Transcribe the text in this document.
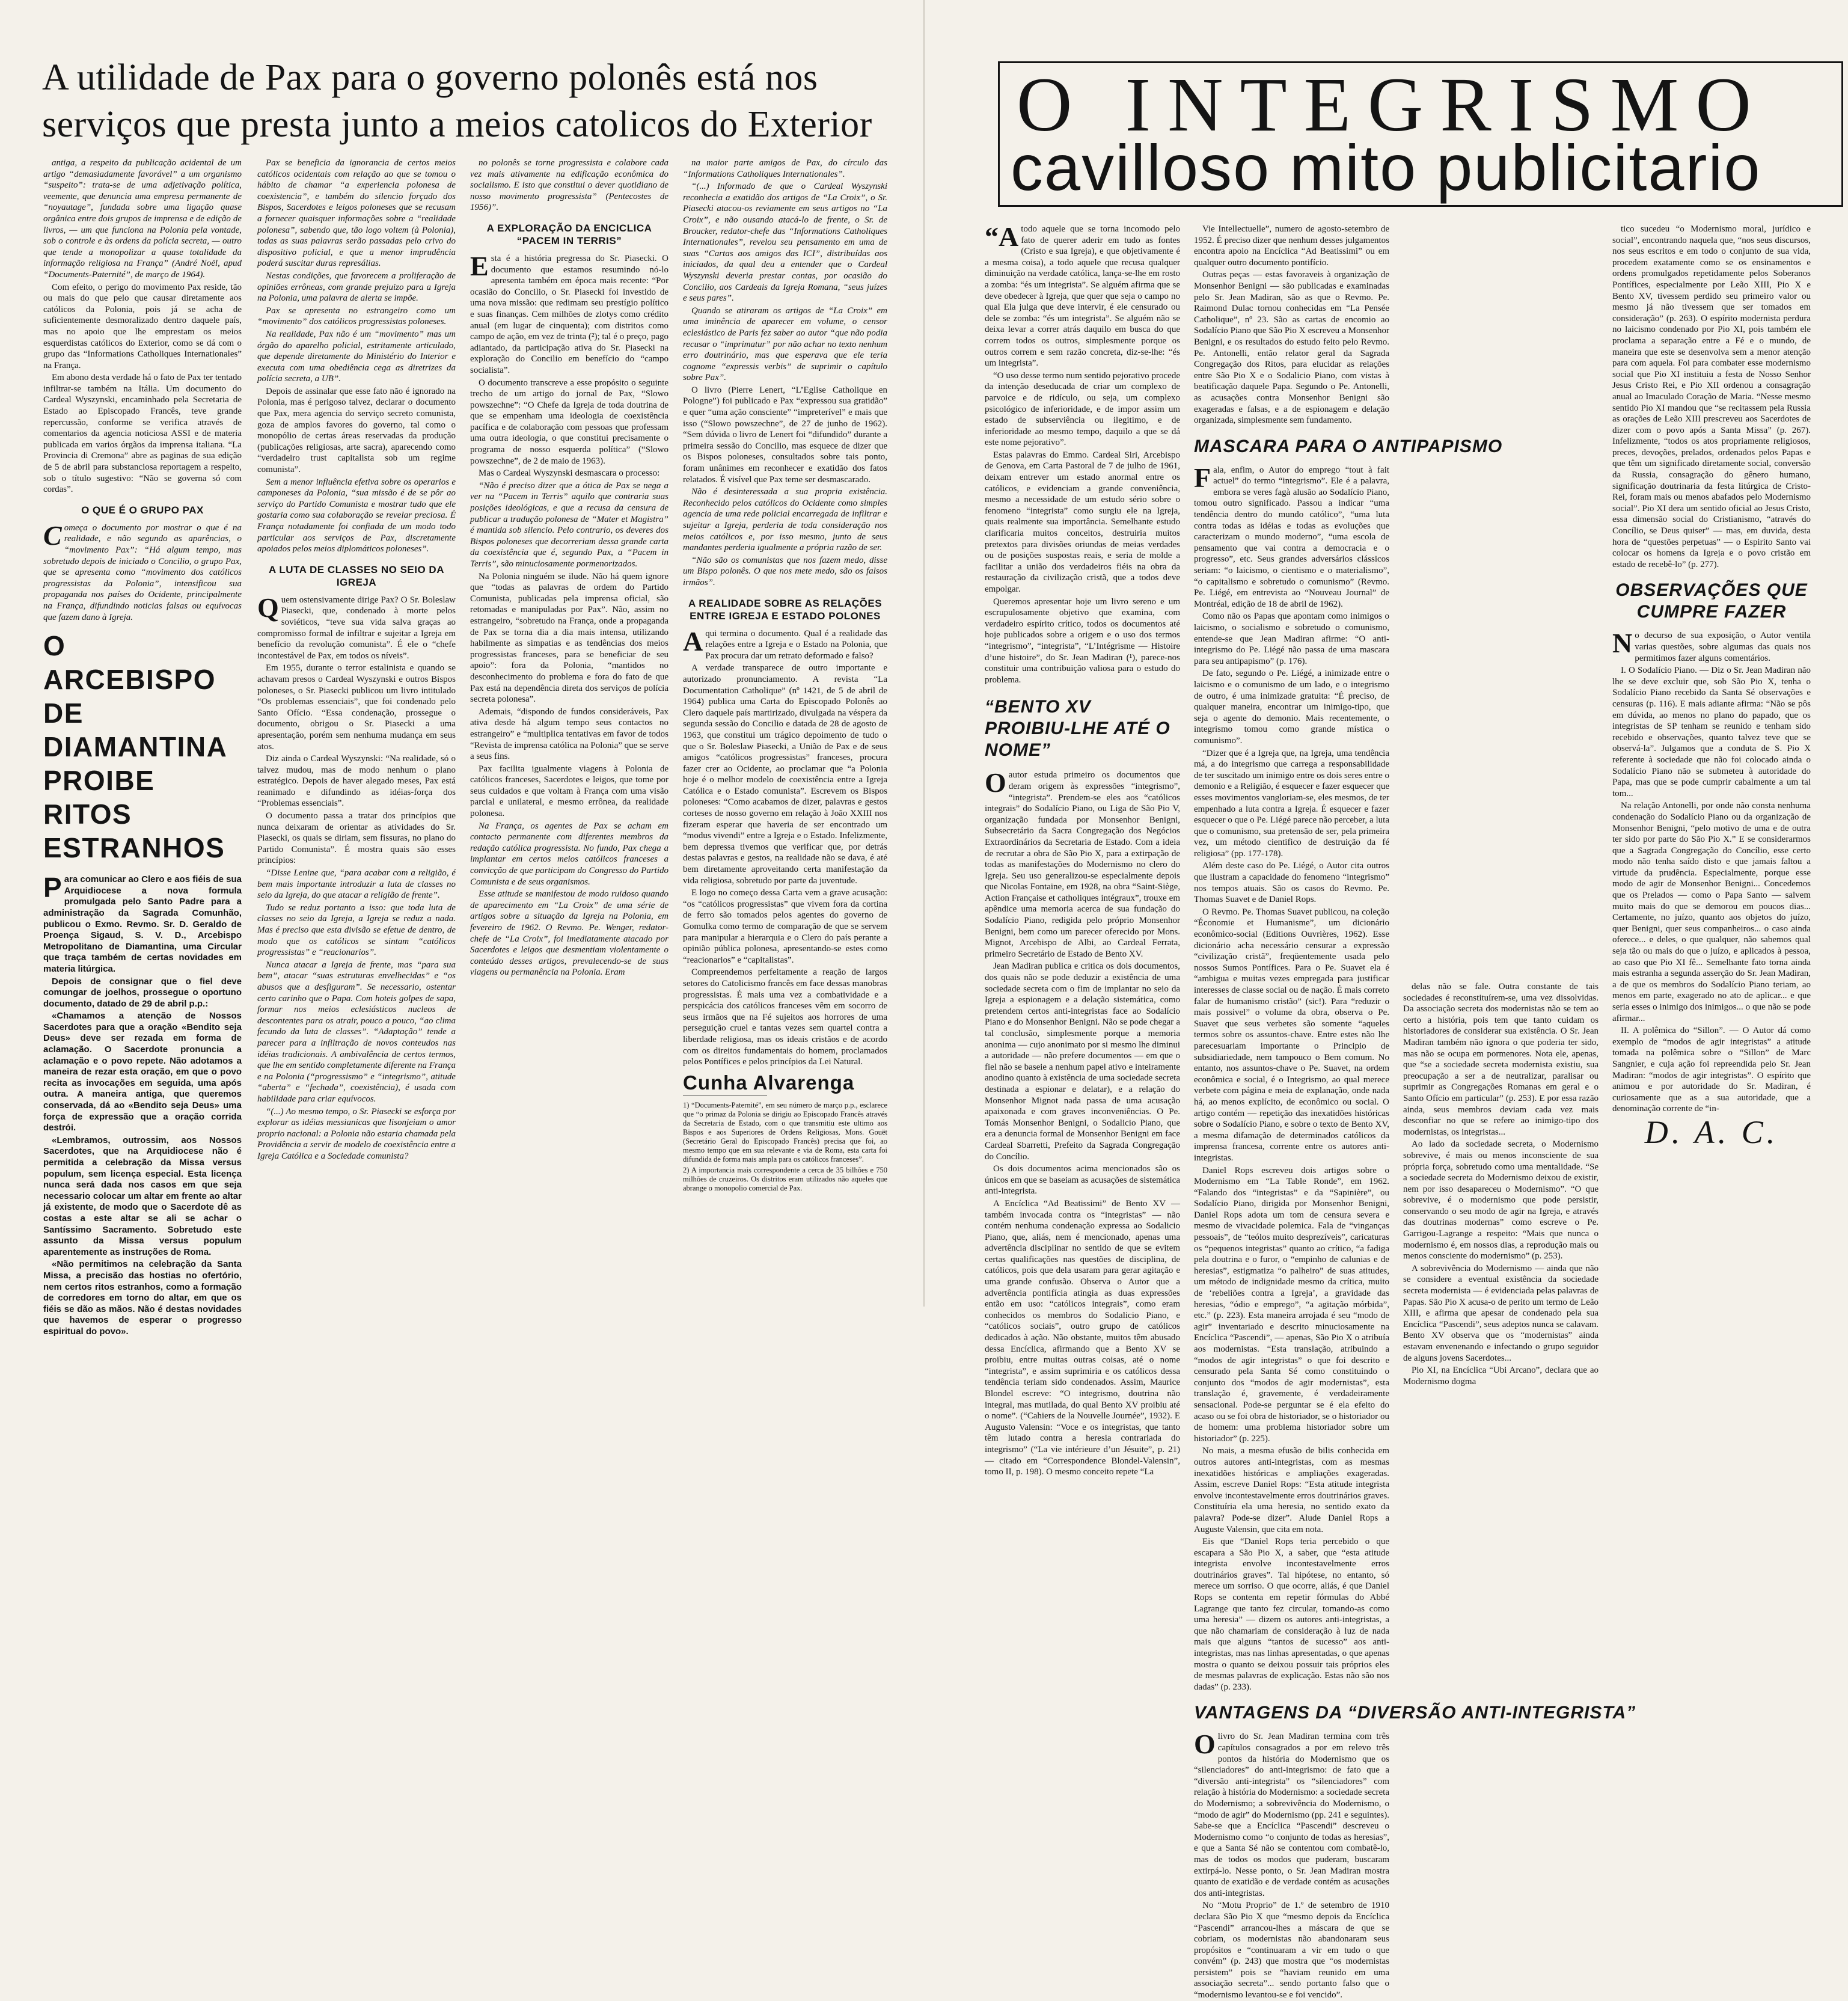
A utilidade de Pax para o governo polonês está nos
serviços que presta junto a meios catolicos do Exterior

antiga, a respeito da publicação acidental de um artigo “demasiadamente favorável” a um organismo “suspeito”: trata-se de uma adjetivação política, veemente, que denuncia uma empresa permanente de “noyautage”, fundada sobre uma ligação quase orgânica entre dois grupos de imprensa e de edição de livros, — um que funciona na Polonia pela vontade, sob o controle e às ordens da polícia secreta, — outro que tende a monopolizar a quase totalidade da informação religiosa na França” (André Noël, apud “Documents-Paternité”, de março de 1964).

Com efeito, o perigo do movimento Pax reside, tão ou mais do que pelo que causar diretamente aos católicos da Polonia, pois já se acha de suficientemente desmoralizado dentro daquele país, mas no apoio que lhe emprestam os meios esquerdistas católicos do Exterior, como se dá com o grupo das “Informations Catholiques Internationales” na França.

Em abono desta verdade há o fato de Pax ter tentado infiltrar-se também na Itália. Um documento do Cardeal Wyszynski, encaminhado pela Secretaria de Estado ao Episcopado Francês, teve grande repercussão, conforme se verifica através de comentarios da agencia noticiosa ASSI e de materia publicada em varios órgãos da imprensa italiana. “La Provincia di Cremona” abre as paginas de sua edição de 5 de abril para substanciosa reportagem a respeito, sob o título sugestivo: “Não se governa só com cordas”.

O QUE É O GRUPO PAX

Começa o documento por mostrar o que é na realidade, e não segundo as aparências, o “movimento Pax”: “Há algum tempo, mas sobretudo depois de iniciado o Concilio, o grupo Pax, que se apresenta como “movimento dos católicos progressistas da Polonia”, intensificou sua propaganda nos países do Ocidente, principalmente na França, difundindo noticias falsas ou equívocas que fazem dano à Igreja.

O ARCEBISPO DE
DIAMANTINA
PROIBE
RITOS ESTRANHOS

Para comunicar ao Clero e aos fiéis de sua Arquidiocese a nova formula promulgada pelo Santo Padre para a administração da Sagrada Comunhão, publicou o Exmo. Revmo. Sr. D. Geraldo de Proença Sigaud, S. V. D., Arcebispo Metropolitano de Diamantina, uma Circular que traça também de certas novidades em materia litúrgica.

Depois de consignar que o fiel deve comungar de joelhos, prossegue o oportuno documento, datado de 29 de abril p.p.:

«Chamamos a atenção de Nossos Sacerdotes para que a oração «Bendito seja Deus» deve ser rezada em forma de aclamação. O Sacerdote pronuncia a aclamação e o povo repete. Não adotamos a maneira de rezar esta oração, em que o povo recita as invocações em seguida, uma após outra. A maneira antiga, que queremos conservada, dá ao «Bendito seja Deus» uma força de expressão que a oração corrida destrói.

«Lembramos, outrossim, aos Nossos Sacerdotes, que na Arquidiocese não é permitida a celebração da Missa versus populum, sem licença especial. Esta licença nunca será dada nos casos em que seja necessario colocar um altar em frente ao altar já existente, de modo que o Sacerdote dê as costas a este altar se ali se achar o Santíssimo Sacramento. Sobretudo este assunto da Missa versus populum aparentemente as instruções de Roma.

«Não permitimos na celebração da Santa Missa, a precisão das hostias no ofertório, nem certos ritos estranhos, como a formação de corredores em torno do altar, em que os fiéis se dão as mãos. Não é destas novidades que havemos de esperar o progresso espiritual do povo».

Pax se beneficia da ignorancia de certos meios católicos ocidentais com relação ao que se tomou o hábito de chamar “a experiencia polonesa de coexistencia”, e também do silencio forçado dos Bispos, Sacerdotes e leigos poloneses que se recusam a fornecer quaisquer informações sobre a “realidade polonesa”, sabendo que, tão logo voltem (à Polonia), todas as suas palavras serão passadas pelo crivo do dispositivo policial, e que a menor imprudência poderá suscitar duras represálias.

Nestas condições, que favorecem a proliferação de opiniões errôneas, com grande prejuizo para a Igreja na Polonia, uma palavra de alerta se impõe.

Pax se apresenta no estrangeiro como um “movimento” dos católicos progressistas poloneses.

Na realidade, Pax não é um “movimento” mas um órgão do aparelho policial, estritamente articulado, que depende diretamente do Ministério do Interior e executa com uma obediência cega as diretrizes da polícia secreta, a UB”.

Depois de assinalar que esse fato não é ignorado na Polonia, mas é perigoso talvez, declarar o documento que Pax, mera agencia do serviço secreto comunista, goza de amplos favores do governo, tal como o monopólio de certas áreas reservadas da produção (publicações religiosas, arte sacra), aparecendo como “verdadeiro trust capitalista sob um regime comunista”.

Sem a menor influência efetiva sobre os operarios e camponeses da Polonia, “sua missão é de se pôr ao serviço do Partido Comunista e mostrar tudo que ele gostaria como sua colaboração se revelar preciosa. É França notadamente foi confiada de um modo todo particular aos serviços de Pax, discretamente apoiados pelos meios diplomáticos poloneses”.

A LUTA DE CLASSES NO SEIO DA IGREJA

Quem ostensivamente dirige Pax? O Sr. Boleslaw Piasecki, que, condenado à morte pelos soviéticos, “teve sua vida salva graças ao compromisso formal de infiltrar e sujeitar a Igreja em benefício da revolução comunista”. É ele o “chefe incontestável de Pax, em todos os níveis”.

Em 1955, durante o terror estalinista e quando se achavam presos o Cardeal Wyszynski e outros Bispos poloneses, o Sr. Piasecki publicou um livro intitulado “Os problemas essenciais”, que foi condenado pelo Santo Ofício. “Essa condenação, prossegue o documento, obrigou o Sr. Piasecki a uma apresentação, porém sem nenhuma mudança em seus atos.

Diz ainda o Cardeal Wyszynski: “Na realidade, só o talvez mudou, mas de modo nenhum o plano estratégico. Depois de haver alegado meses, Pax está reanimado e difundindo as idéias-força dos “Problemas essenciais”.

O documento passa a tratar dos princípios que nunca deixaram de orientar as atividades do Sr. Piasecki, os quais se diriam, sem fissuras, no plano do Partido Comunista”. É mostra quais são esses princípios:

“Disse Lenine que, “para acabar com a religião, é bem mais importante introduzir a luta de classes no seio da Igreja, do que atacar a religião de frente”.

Tudo se reduz portanto a isso: que toda luta de classes no seio da Igreja, a Igreja se reduz a nada. Mas é preciso que esta divisão se efetue de dentro, de modo que os católicos se sintam “católicos progressistas” e “reacionarios”.

Nunca atacar a Igreja de frente, mas “para sua bem”, atacar “suas estruturas envelhecidas” e “os abusos que a desfiguram”. Se necessario, ostentar certo carinho que o Papa. Com hoteis golpes de sapa, formar nos meios eclesiásticos nucleos de descontentes para os atrair, pouco a pouco, “ao clima fecundo da luta de classes”. “Adaptação” tende a parecer para a infiltração de novos conteudos nas idéias tradicionais. A ambivalência de certos termos, que lhe em sentido completamente diferente na França e na Polonia (“progressismo” e “integrismo”, atitude “aberta” e “fechada”, coexistência), é usada com habilidade para criar equívocos.

“(...) Ao mesmo tempo, o Sr. Piasecki se esforça por explorar as idéias messianicas que lisonjeiam o amor proprio nacional: a Polonia não estaria chamada pela Providência a servir de modelo de coexistência entre a Igreja Católica e a Sociedade comunista?

no polonês se torne progressista e colabore cada vez mais ativamente na edificação econômica do socialismo. E isto que constitui o dever quotidiano de nosso movimento progressista” (Pentecostes de 1956)”.

A EXPLORAÇÃO DA ENCICLICA “PACEM IN TERRIS”

Esta é a história pregressa do Sr. Piasecki. O documento que estamos resumindo nó-lo apresenta também em época mais recente: “Por ocasião do Concilio, o Sr. Piasecki foi investido de uma nova missão: que redimam seu prestígio político e suas finanças. Cem milhões de zlotys como crédito anual (em lugar de cinquenta); com distritos como campo de ação, em vez de trinta (²); tal é o preço, pago adiantado, da participação ativa do Sr. Piasecki na exploração do Concilio em benefício do “campo socialista”.

O documento transcreve a esse propósito o seguinte trecho de um artigo do jornal de Pax, “Slowo powszechne”: “O Chefe da Igreja de toda doutrina de que se empenham uma ideologia de coexistência pacífica e de colaboração com pessoas que professam uma outra ideologia, o que constitui precisamente o programa de nosso esquerda política” (“Slowo powszechne”, de 2 de maio de 1963).

Mas o Cardeal Wyszynski desmascara o processo:

“Não é preciso dizer que a ótica de Pax se nega a ver na “Pacem in Terris” aquilo que contraria suas posições ideológicas, e que a recusa da censura de publicar a tradução polonesa de “Mater et Magistra” é mantida sob silencio. Pelo contrario, os deveres dos Bispos poloneses que decorreriam dessa grande carta da coexistência que é, segundo Pax, a “Pacem in Terris”, são minuciosamente pormenorizados.

Na Polonia ninguém se ilude. Não há quem ignore que “todas as palavras de ordem do Partido Comunista, publicadas pela imprensa oficial, são retomadas e manipuladas por Pax”. Não, assim no estrangeiro, “sobretudo na França, onde a propaganda de Pax se torna dia a dia mais intensa, utilizando habilmente as simpatias e as tendências dos meios progressistas franceses, para se beneficiar de seu apoio”: fora da Polonia, “mantidos no desconhecimento do problema e fora do fato de que Pax está na dependência direta dos serviços de polícia secreta polonesa”.

Ademais, “dispondo de fundos consideráveis, Pax ativa desde há algum tempo seus contactos no estrangeiro” e “multiplica tentativas em favor de todos “Revista de imprensa católica na Polonia” que se serve a seus fins.

Pax facilita igualmente viagens à Polonia de católicos franceses, Sacerdotes e leigos, que tome por seus cuidados e que voltam à França com uma visão parcial e unilateral, e mesmo errônea, da realidade polonesa.

Na França, os agentes de Pax se acham em contacto permanente com diferentes membros da redação católica progressista. No fundo, Pax chega a implantar em certos meios católicos franceses a convicção de que participam do Congresso do Partido Comunista e de seus organismos.

Esse atitude se manifestou de modo ruidoso quando de aparecimento em “La Croix” de uma série de artigos sobre a situação da Igreja na Polonia, em fevereiro de 1962. O Revmo. Pe. Wenger, redator-chefe de “La Croix”, foi imediatamente atacado por Sacerdotes e leigos que desmentiam violentamente o conteúdo desses artigos, prevalecendo-se de suas viagens ou permanência na Polonia. Eram

na maior parte amigos de Pax, do círculo das “Informations Catholiques Internationales”.

“(...) Informado de que o Cardeal Wyszynski reconhecia a exatidão dos artigos de “La Croix”, o Sr. Piasecki atacou-os reviamente em seus artigos no “La Croix”, e não ousando atacá-lo de frente, o Sr. de Broucker, redator-chefe das “Informations Catholiques Internationales”, revelou seu pensamento em uma de suas “Cartas aos amigos das ICI”, distribuídas aos iniciados, da qual deu a entender que o Cardeal Wyszynski deveria prestar contas, por ocasião do Concilio, aos Cardeais da Igreja Romana, “seus juízes e seus pares”.

Quando se atiraram os artigos de “La Croix” em uma iminência de aparecer em volume, o censor eclesiástico de Paris fez saber ao autor “que não podia recusar o “imprimatur” por não achar no texto nenhum erro doutrinário, mas que esperava que ele teria cognome “expressis verbis” de suprimir o capítulo sobre Pax”.

O livro (Pierre Lenert, “L’Eglise Catholique en Pologne”) foi publicado e Pax “expressou sua gratidão” e quer “uma ação consciente” “impreterível” e mais que isso (“Slowo powszechne”, de 27 de junho de 1962). “Sem dúvida o livro de Lenert foi “difundido” durante a primeira sessão do Concilio, mas esquece de dizer que os Bispos poloneses, consultados sobre tais ponto, foram unânimes em reconhecer e exatidão dos fatos relatados. É visível que Pax teme ser desmascarado.

Não é desinteressada a sua propria existência. Reconhecido pelos católicos do Ocidente como simples agencia de uma rede policial encarregada de infiltrar e sujeitar a Igreja, perderia de toda consideração nos meios católicos e, por isso mesmo, junto de seus mandantes perderia igualmente a própria razão de ser.

“Não são os comunistas que nos fazem medo, disse um Bispo polonês. O que nos mete medo, são os falsos irmãos”.

A REALIDADE SOBRE AS RELAÇÕES ENTRE IGREJA E ESTADO POLONES

Aqui termina o documento. Qual é a realidade das relações entre a Igreja e o Estado na Polonia, que Pax procura dar um retrato deformado e falso?

A verdade transparece de outro importante e autorizado pronunciamento. A revista “La Documentation Catholique” (nº 1421, de 5 de abril de 1964) publica uma Carta do Episcopado Polonês ao Clero daquele país martirizado, divulgada na véspera da segunda sessão do Concilio e datada de 28 de agosto de 1963, que constitui um trágico depoimento de tudo o que o Sr. Boleslaw Piasecki, a União de Pax e de seus amigos “católicos progressistas” franceses, procura fazer crer ao Ocidente, ao proclamar que “a Polonia hoje é o melhor modelo de coexistência entre a Igreja Católica e o Estado comunista”. Escrevem os Bispos poloneses: “Como acabamos de dizer, palavras e gestos corteses de nosso governo em relação à João XXIII nos fizeram esperar que haveria de ser encontrado um “modus vivendi” entre a Igreja e o Estado. Infelizmente, bem depressa tivemos que verificar que, por detrás destas palavras e gestos, na realidade não se dava, é até bem diretamente aproveitando certa manifestação da vida religiosa, sobretudo por parte da juventude.

E logo no começo dessa Carta vem a grave acusação: “os “católicos progressistas” que vivem fora da cortina de ferro são tomados pelos agentes do governo de Gomulka como termo de comparação de que se servem para manipular a hierarquia e o Clero do país perante a opinião pública polonesa, apresentando-se estes como “reacionarios” e “capitalistas”.

Compreendemos perfeitamente a reação de largos setores do Catolicismo francês em face dessas manobras progressistas. É mais uma vez a combatividade e a perspicácia dos católicos franceses vêm em socorro de seus irmãos que na Fé sujeitos aos horrores de uma perseguição cruel e tantas vezes sem quartel contra a liberdade religiosa, mas os ideais cristãos e de acordo com os direitos fundamentais do homem, proclamados pelos Pontífices e pelos princípios da Lei Natural.

Cunha Alvarenga

1) “Documents-Paternité”, em seu número de março p.p., esclarece que “o primaz da Polonia se dirigiu ao Episcopado Francês através da Secretaria de Estado, com o que transmitiu este ultimo aos Bispos e aos Superiores de Ordens Religiosas, Mons. Gouët (Secretário Geral do Episcopado Francês) precisa que foi, ao mesmo tempo que em sua relevante e via de Roma, esta carta foi difundida de forma mais ampla para os católicos franceses”.

2) A importancia mais correspondente a cerca de 35 bilhões e 750 milhões de cruzeiros. Os distritos eram utilizados não aqueles que abrange o monopolio comercial de Pax.

O INTEGRISMO
cavilloso mito publicitario

“Atodo aquele que se torna incomodo pelo fato de querer aderir em tudo as fontes (Cristo e sua Igreja), e que objetivamente é a mesma coisa), a todo aquele que recusa qualquer diminuição na verdade católica, lança-se-lhe em rosto a zomba: “és um integrista”. Se alguém afirma que se deve obedecer à Igreja, que quer que seja o campo no qual Ela julga que deve intervir, é ele censurado ou dele se zomba: “és um integrista”. Se alguém não se deixa levar a correr atrás daquilo em busca do que correm todos os outros, simplesmente porque os outros correm e sem razão concreta, diz-se-lhe: “és um integrista”.

“O uso desse termo num sentido pejorativo procede da intenção deseducada de criar um complexo de parvoice e de ridículo, ou seja, um complexo psicológico de inferioridade, e de impor assim um estado de subserviência ou ilegitimo, e de inferioridade ao mesmo tempo, daquilo a que se dá este nome pejorativo”.

Estas palavras do Emmo. Cardeal Siri, Arcebispo de Genova, em Carta Pastoral de 7 de julho de 1961, deixam entrever um estado anormal entre os católicos, e evidenciam a grande conveniência, mesmo a necessidade de um estudo sério sobre o fenomeno “integrista” como surgiu ele na Igreja, quais realmente sua importância. Semelhante estudo clarificaria muitos conceitos, destruiria muitos pretextos para divisões oriundas de meias verdades ou de posições suspostas reais, e seria de molde a facilitar a união dos verdadeiros fiéis na obra da restauração da civilização cristã, que a todos deve empolgar.

Queremos apresentar hoje um livro sereno e um escrupulosamente objetivo que examina, com verdadeiro espírito crítico, todos os documentos até hoje publicados sobre a origem e o uso dos termos “integrismo”, “integrista”, “L’Intégrisme — Histoire d’une histoire”, do Sr. Jean Madiran (¹), parece-nos constituir uma contribuição valiosa para o estudo do problema.

“BENTO XV PROIBIU-LHE ATÉ O NOME”

Oautor estuda primeiro os documentos que deram origem às expressões “integrismo”, “integrista”. Prendem-se eles aos “católicos integrais” do Sodalício Piano, ou Liga de São Pio V, organização fundada por Monsenhor Benigni, Subsecretário da Sacra Congregação dos Negócios Extraordinários da Secretaria de Estado. Com a ideia de recrutar a obra de São Pio X, para a extirpação de todas as manifestações do Modernismo no clero do Igreja. Seu uso generalizou-se especialmente depois que Nicolas Fontaine, em 1928, na obra “Saint-Siège, Action Française et catholiques intégraux”, trouxe em apêndice uma memoria acerca de sua fundação do Sodalício Piano, redigida pelo próprio Monsenhor Benigni, bem como um parecer oferecido por Mons. Mignot, Arcebispo de Albi, ao Cardeal Ferrata, primeiro Secretário de Estado de Bento XV.

Jean Madiran publica e critica os dois documentos, dos quais não se pode deduzir a existência de uma sociedade secreta com o fim de implantar no seio da Igreja a espionagem e a delação sistemática, como pretendem certos anti-integristas face ao Sodalício Piano e do Monsenhor Benigni. Não se pode chegar a tal conclusão, simplesmente porque a memoria anonima — cujo anonimato por si mesmo lhe diminui a autoridade — não prefere documentos — em que o fiel não se baseie a nenhum papel ativo e inteiramente anodino quanto à existência de uma sociedade secreta destinada a espionar e delatar), e a relação do Monsenhor Mignot nada passa de uma acusação apaixonada e com graves inconveniências. O Pe. Tomás Monsenhor Benigni, o Sodalicio Piano, que era a denuncia formal de Monsenhor Benigni em face Cardeal Sbarretti, Prefeito da Sagrada Congregação do Concílio.

Os dois documentos acima mencionados são os únicos em que se baseiam as acusações de sistemática anti-integrista.

A Encíclica “Ad Beatissimi” de Bento XV — também invocada contra os “integristas” — não contém nenhuma condenação expressa ao Sodalicio Piano, que, aliás, nem é mencionado, apenas uma advertência disciplinar no sentido de que se evitem certas qualificações nas questões de disciplina, de católicos, pois que dela usaram para gerar agitação e uma grande confusão. Observa o Autor que a advertência pontifícia atingia as duas expressões então em uso: “católicos integrais”, como eram conhecidos os membros do Sodalicio Piano, e “católicos sociais”, outro grupo de católicos dedicados à ação. Não obstante, muitos têm abusado dessa Encíclica, afirmando que a Bento XV se proibiu, entre muitas outras coisas, até o nome “integrista”, e assim suprimiria e os católicos dessa tendência teriam sido condenados. Assim, Maurice Blondel escreve: “O integrismo, doutrina não integral, mas mutilada, do qual Bento XV proibiu até o nome”. (“Cahiers de la Nouvelle Journée”, 1932). E Augusto Valensin: “Voce e os integristas, que tanto têm lutado contra a heresia contrariada do integrismo” (“La vie intérieure d’un Jésuite”, p. 21) — citado em “Correspondence Blondel-Valensin”, tomo II, p. 198). O mesmo conceito repete “La

Vie Intellectuelle”, numero de agosto-setembro de 1952. É preciso dizer que nenhum desses julgamentos encontra apoio na Encíclica “Ad Beatissimi” ou em qualquer outro documento pontifício.

Outras peças — estas favoraveis à organização de Monsenhor Benigni — são publicadas e examinadas pelo Sr. Jean Madiran, são as que o Revmo. Pe. Raimond Dulac tornou conhecidas em “La Pensée Catholique”, nº 23. São as cartas de encomio ao Sodalício Piano que São Pio X escreveu a Monsenhor Benigni, e os resultados do estudo feito pelo Revmo. Pe. Antonelli, então relator geral da Sagrada Congregação dos Ritos, para elucidar as relações entre São Pio X e o Sodalicio Piano, com vistas à beatificação daquele Papa. Segundo o Pe. Antonelli, as acusações contra Monsenhor Benigni são exageradas e falsas, e a de espionagem e delação organizada, simplesmente sem fundamento.

MASCARA PARA O ANTIPAPISMO

Fala, enfim, o Autor do emprego “tout à fait actuel” do termo “integrismo”. Ele é a palavra, embora se veres fagà alusão ao Sodalício Piano, tomou outro significado. Passou a indicar “uma tendência dentro do mundo católico”, “uma luta contra todas as idéias e todas as evoluções que caracterizam o mundo moderno”, “uma escola de pensamento que vai contra a democracia e o progresso”, etc. Seus grandes adversários clássicos seriam: “o laicismo, o cientismo e o materialismo”, “o capitalismo e sobretudo o comunismo” (Revmo. Pe. Liégé, em entrevista ao “Nouveau Journal” de Montréal, edição de 18 de abril de 1962).

Como não os Papas que apontam como inimigos o laicismo, o socialismo e sobretudo o comunismo, entende-se que Jean Madiran afirme: “O anti-integrismo do Pe. Liégé não passa de uma mascara para seu antipapismo” (p. 176).

De fato, segundo o Pe. Liégé, a inimizade entre o laicismo e o comunismo de um lado, e o integrismo de outro, é uma inimizade gratuita: “É preciso, de qualquer maneira, encontrar um inimigo-tipo, que seja o agente do demonio. Mais recentemente, o integrismo tomou como grande mística o comunismo”.

“Dizer que é a Igreja que, na Igreja, uma tendência má, a do integrismo que carrega a responsabilidade de ter suscitado um inimigo entre os dois seres entre o demonio e a Religião, é esquecer e fazer esquecer que esses movimentos vangloriam-se, eles mesmos, de ter empenhado a luta contra a Igreja. É esquecer e fazer esquecer o que o Pe. Liégé parece não perceber, a luta que o comunismo, sua pretensão de ser, pela primeira vez, um método cientifico de destruição da fé religiosa” (pp. 177-178).

Além deste caso do Pe. Liégé, o Autor cita outros que ilustram a capacidade do fenomeno “integrismo” nos tempos atuais. São os casos do Revmo. Pe. Thomas Suavet e de Daniel Rops.

O Revmo. Pe. Thomas Suavet publicou, na coleção “Économie et Humanisme”, um dicionário econômico-social (Editions Ouvrières, 1962). Esse dicionário acha necessário censurar a expressão “civilização cristã”, freqüentemente usada pelo nossos Sumos Pontífices. Para o Pe. Suavet ela é “ambigua e muitas vezes empregada para justificar interesses de classe social ou de nação. É mais correto falar de humanismo cristão” (sic!). Para “reduzir o mais possivel” o volume da obra, observa o Pe. Suavet que seus verbetes são somente “aqueles termos sobre os assuntos-chave. Entre estes não lhe parecesuariam importante o Principio de subsidiariedade, nem tampouco o Bem comum. No entanto, nos assuntos-chave o Pe. Suavet, na ordem econômica e social, é o Integrismo, ao qual merece verbete com página e meia de explanação, onde nada há, ao menos explícito, de econômico ou social. O artigo contém — repetição das inexatidões históricas sobre o Sodalício Piano, e sobre o texto de Bento XV, a mesma difamação de determinados católicos da imprensa francesa, corrente entre os autores anti-integristas.

Daniel Rops escreveu dois artigos sobre o Modernismo em “La Table Ronde”, em 1962. “Falando dos “integristas” e da “Sapinière”, ou Sodalício Piano, dirigida por Monsenhor Benigni, Daniel Rops adota um tom de censura severa e mesmo de vivacidade polemica. Fala de “vinganças pessoais”, de “teólos muito desprezíveis”, caricaturas os “pequenos integristas” quanto ao crítico, “a fadiga pela doutrina e o furor, o “empinho de calunias e de heresias”, estigmatiza “o palheiro” de suas atitudes, um método de indignidade mesmo da crítica, muito de ‘rebeliões contra a Igreja’, a gravidade das heresias, “ódio e emprego”, “a agitação mórbida”, etc.” (p. 223). Esta maneira arrojada é seu “modo de agir” inventariado e descrito minuciosamente na Encíclica “Pascendi”, — apenas, São Pio X o atribuía aos modernistas. “Esta translação, atribuindo a “modos de agir integristas” o que foi descrito e censurado pela Santa Sé como constituindo o conjunto dos “modos de agir modernistas”, esta translação é, gravemente, é verdadeiramente sensacional. Pode-se perguntar se é ela efeito do acaso ou se foi obra de historiador, se o historiador ou de homem: uma problema historiador sobre um historiador” (p. 225).

No mais, a mesma efusão de bilis conhecida em outros autores anti-integristas, com as mesmas inexatidões históricas e ampliações exageradas. Assim, escreve Daniel Rops: “Esta atitude integrista envolve incontestavelmente erros doutrinários graves. Constituíria ela uma heresia, no sentido exato da palavra? Pode-se dizer”. Alude Daniel Rops a Auguste Valensin, que cita em nota.

Eis que “Daniel Rops teria percebido o que escapara a São Pio X, a saber, que “esta atitude integrista envolve incontestavelmente erros doutrinários graves”. Tal hipótese, no entanto, só merece um sorriso. O que ocorre, aliás, é que Daniel Rops se contenta em repetir fórmulas do Abbé Lagrange que tanto fez circular, tomando-as como uma heresia” — dizem os autores anti-integristas, a que não chamariam de consideração à luz de nada mais que alguns “tantos de sucesso” aos anti-integristas, mas nas linhas apresentadas, o que apenas mostra o quanto se deixou possuir tais próprios eles de mesmas palavras de explicação. Estas não são nos dadas” (p. 233).

VANTAGENS DA “DIVERSÃO ANTI-INTEGRISTA”

Olivro do Sr. Jean Madiran termina com três capítulos consagrados a por em relevo três pontos da história do Modernismo que os “silenciadores” do anti-integrismo: de fato que a “diversão anti-integrista” os “silenciadores” com relação à história do Modernismo: a sociedade secreta do Modernismo; a sobrevivência do Modernismo, o “modo de agir” do Modernismo (pp. 241 e seguintes). Sabe-se que a Encíclica “Pascendi” descreveu o Modernismo como “o conjunto de todas as heresias”, e que a Santa Sé não se contentou com combatê-lo, mas de todos os modos que puderam, buscaram extirpá-lo. Nesse ponto, o Sr. Jean Madiran mostra quanto de exatidão e de verdade contém as acusações dos anti-integristas.

No “Motu Proprio” de 1.º de setembro de 1910 declara São Pio X que “mesmo depois da Encíclica “Pascendi” arrancou-lhes a máscara de que se cobriam, os modernistas não abandonaram seus propósitos e “continuaram a vir em tudo o que convém” (p. 243) que mostra que “os modernistas persistem” pois se “haviam reunido em uma associação secreta”... sendo portanto falso que o “modernismo levantou-se e foi vencido”.

delas não se fale. Outra constante de tais sociedades é reconstituírem-se, uma vez dissolvidas. Da associação secreta dos modernistas não se tem ao certo a história, pois tem que tanto cuidam os historiadores de considerar sua existência. O Sr. Jean Madiran também não ignora o que poderia ter sido, mas não se ocupa em pormenores. Nota ele, apenas, que “se a sociedade secreta modernista existiu, sua preocupação a ser a de neutralizar, paralisar ou suprimir as Congregações Romanas em geral e o Santo Ofício em particular” (p. 253). E por essa razão ainda, seus membros deviam cada vez mais desconfiar no que se refere ao inimigo-tipo dos modernistas, os integristas...

Ao lado da sociedade secreta, o Modernismo sobrevive, é mais ou menos inconsciente de sua própria força, sobretudo como uma mentalidade. “Se a sociedade secreta do Modernismo deixou de existir, nem por isso desapareceu o Modernismo”. “O que sobrevive, é o modernismo que pode persistir, conservando o seu modo de agir na Igreja, e através das doutrinas modernas” como escreve o Pe. Garrigou-Lagrange a respeito: “Mais que nunca o modernismo é, em nossos dias, a reprodução mais ou menos consciente do modernismo” (p. 253).

A sobrevivência do Modernismo — ainda que não se considere a eventual existência da sociedade secreta modernista — é evidenciada pelas palavras de Papas. São Pio X acusa-o de perito um termo de Leão XIII, e afirma que apesar de condenado pela sua Encíclica “Pascendi”, seus adeptos nunca se calavam. Bento XV observa que os “modernistas” ainda estavam envenenando e infectando o grupo seguidor de alguns jovens Sacerdotes...

Pio XI, na Encíclica “Ubi Arcano”, declara que ao Modernismo dogma

tico sucedeu “o Modernismo moral, jurídico e social”, encontrando naquela que, “nos seus discursos, nos seus escritos e em todo o conjunto de sua vida, procedem exatamente como se os ensinamentos e ordens promulgados repetidamente pelos Soberanos Pontífices, especialmente por Leão XIII, Pio X e Bento XV, tivessem perdido seu primeiro valor ou mesmo já não tivessem que ser tomados em consideração” (p. 263). O espírito modernista perdura no laicismo condenado por Pio XI, pois também ele proclama a separação entre a Fé e o mundo, de maneira que este se desenvolva sem a menor atenção para com aquela. Foi para combater esse modernismo social que Pio XI instituiu a festa de Nosso Senhor Jesus Cristo Rei, e Pio XII ordenou a consagração anual ao Imaculado Coração de Maria. “Nesse mesmo sentido Pio XI mandou que “se recitassem pela Russia as orações de Leão XIII prescreveu aos Sacerdotes de dizer com o povo após a Santa Missa” (p. 267). Infelizmente, “todos os atos propriamente religiosos, preces, devoções, prelados, ordenados pelos Papas e que têm um significado diretamente social, conversão da Russia, consagração do gênero humano, significação doutrinaria da festa litúrgica de Cristo-Rei, foram mais ou menos abafados pelo Modernismo social”. Pio XI dera um sentido oficial ao Jesus Cristo, essa dimensão social do Cristianismo, “através do Concílio, se Deus quiser” — mas, em duvida, desta hora de “questões perpetuas” — o Espirito Santo vai colocar os homens da Igreja e o povo cristão em estado de recebê-lo” (p. 277).

OBSERVAÇÕES QUE CUMPRE FAZER

No decurso de sua exposição, o Autor ventila varias questões, sobre algumas das quais nos permitimos fazer alguns comentários.

I. O Sodalício Piano. — Diz o Sr. Jean Madiran não lhe se deve excluir que, sob São Pio X, tenha o Sodalício Piano recebido da Santa Sé observações e censuras (p. 116). E mais adiante afirma: “Não se pôs em dúvida, ao menos no plano do papado, que os integristas de SP tenham se reunido e tenham sido recebido e observações, quanto talvez teve que se observá-la”. Julgamos que a conduta de S. Pio X referente à sociedade que não foi colocado ainda o Sodalício Piano não se submeteu à autoridade do Papa, mas que se pode cumprir cabalmente a um tal tom...

Na relação Antonelli, por onde não consta nenhuma condenação do Sodalício Piano ou da organização de Monsenhor Benigni, “pelo motivo de uma e de outra ter sido por parte do São Pio X.” E se considerarmos que a Sagrada Congregação do Concílio, esse certo modo não tenha saído disto e que jamais faltou a virtude da prudência. Especialmente, porque esse modo de agir de Monsenhor Benigni... Concedemos que os Prelados — como o Papa Santo — salvem muito mais do que se demorou em poucos dias... Certamente, no juízo, quanto aos objetos do juízo, quer Benigni, quer seus companheiros... o caso ainda oferece... e deles, o que qualquer, não sabemos qual seja tão ou mais do que o juízo, e aplicados à pessoa, ao caso que Pio XI fê... Semelhante fato torna ainda mais estranha a segunda asserção do Sr. Jean Madiran, a de que os membros do Sodalício Piano teriam, ao menos em parte, exagerado no ato de aplicar... e que seria esses o inimigo dos inimigos... o que não se pode afirmar...

II. A polêmica do “Sillon”. — O Autor dá como exemplo de “modos de agir integristas” a atitude tomada na polêmica sobre o “Sillon” de Marc Sangnier, e cuja ação foi repreendida pelo Sr. Jean Madiran: “modos de agir integristas”. O espírito que animou e por autoridade do Sr. Madiran, é curiosamente que as a sua autoridade, que a denominação corrente de “in-

D. A. C.
